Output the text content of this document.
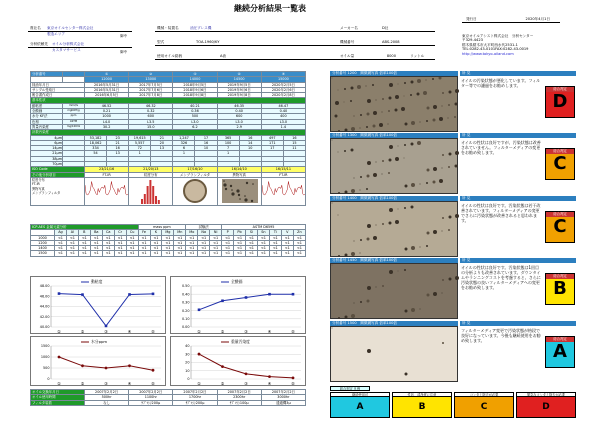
継続分析結果一覧表
発行日	2020年4月1日
貴社名	東京オイルセンター株式会社
製造エリア	御中
分析依頼先	オイル分析株式会社
カスタマサービス	御中
機械・装置名	油圧プレス機	メーカー名	D社
型式	TOA-1960/KY	機械番号	ABS-2008
使用オイル銘柄	A油	オイル量	8000	リットル
東京オイルアシスト株式会社　分析センター
〒329-4423
栃木県栃木市大平町西水代2531-1
TEL:0282-43-0101FAX:0282-43-0019
http://www.tokyo-oiland.com
分析番号		①		②		③		④		⑤	
		12000		13000		14000		14500		15000	
採油年月日		2016年5月31日		2017年7月5日		2018年9月5日		2019年9月5日		2020年2月5日	
サンプル受取日		2016年5月31日		2017年7月6日		2018年9月6日		2019年9月6日		2020年2月6日	
報告書作成日		2016年6月5日		2017年7月8日		2018年9月8日		2019年9月8日		2020年2月8日	
基本性状											
動粘度	mm2/s	46.52		46.32		40.21		46.35		46.47	
全酸価	mgKOH/g	0.21		0.32		0.36		0.40		0.40	
水分 KF法	ppm	1000		600		500		600		400	
色相	ASTM	L4.0		L3.5		L3.0		L3.0		L3.0	
質量汚染度	mg/100ml	30.2		15.0		6.2		2.9		1.4	
計数汚染度											
4μm		53,182	23	19,615	21	1,247	17	365	16	497	16
6μm		18,062	21	5,557	20	326	16	100	14	171	15
14μm		334	16	72	13	6	10	7	10	17	11
21μm		54	13	1		1		1			
38μm											
70μm											
ISO Code		23/21/16		21/20/13		17/16/10		16/14/10		16/15/11	
その他分析項目		FT-IR		粒度分布		メンブランフィルタ		異物写真		FT-IR	

粒度分布
FT-IR
異物写真
メンブランフィルタ

ICP-AES 金属元素分析								mass ppm				試験法			ASTM D6595						
	Ag	Al	B	Ba	Ca	Cr	Cu	Fe	K	Mg	Mn	Mo	Na	Ni	P	Pb	Si	Sn	Ti	V	Zn
1000	<1	<1	<1	<1	<1	<1	<1	<1	<1	<1	<1	<1	<1	<1	<1	<1	<1	<1	<1	<1	<1
1200	<1	<1	<1	<1	<1	<1	<1	<1	<1	<1	<1	<1	<1	<1	<1	<1	<1	<1	<1	<1	<1
1400	<1	<1	<1	<1	<1	<1	<1	<1	<1	<1	<1	<1	<1	<1	<1	<1	<1	<1	<1	<1	<1
1500	<1	<1	<1	<1	<1	<1	<1	<1	<1	<1	<1	<1	<1	<1	<1	<1	<1	<1	<1	<1	<1
48.00
46.00
44.00
42.00
40.00
①	②	③	④	⑤
動粘度
0.50
0.40
0.30
0.20
0.10
0.00
①	②	③	④	⑤
全酸価
1500
1000
500
0
①	②	③	④	⑤
水分ppm
40
30
20
10
0
①	②	③	④	⑤
重量汚染度
オイル交換年月日	2007年2月2日	2007年2月2日	2007年2月2日	2007年2月2日	2007年2月2日
オイル使用時間	500hr	1100hr	1700hr	2300hr	3000hr
フィルタ装着	なし	ｻﾌﾞﾏｼﾝ200μ	ｻﾌﾞﾏｼﾝ200μ	ｻﾌﾞﾏｼﾝ100μ	通過機3μ
分析番号 1200　顕微鏡写真 倍率100倍	所 見
オイルの汚染状態が悪化しています。フィルター等での濾過をお勧めします。
総合判定
D
分析番号 1300　顕微鏡写真 倍率100倍	所 見
オイルの性状は良好ですが、汚染状態は改善されていません。フィルターメディアの変更をお勧め致します。	総合判定
C
分析番号 1400　顕微鏡写真 倍率100倍	所 見
オイルの性状は良好です。汚染状態は若干改善されています。フィルターメディアの変更でさらに汚染状態が改善されると思われます。
総合判定
C
分析番号 1450　顕微鏡写真 倍率100倍	所 見
オイルの性状は良好です。汚染状態は1回目の分析よりも改善されています。ダウンタイムやランニングコストを考慮すると、さらに汚染状態の良いフィルターメディアへの変更をお勧め致します。
総合判定
B
分析番号 1500　顕微鏡写真 倍率100倍	所 見
フィルターメディア変更で汚染状態が格段で良好になっています。今後も継続使用をお勧め致します。	総合判定
A
総合判定 凡例
継続使用可
A
性状、清浄度に注意
B
コンタミ除去が必要
C
緊急なコンタミ除去が必要
D
